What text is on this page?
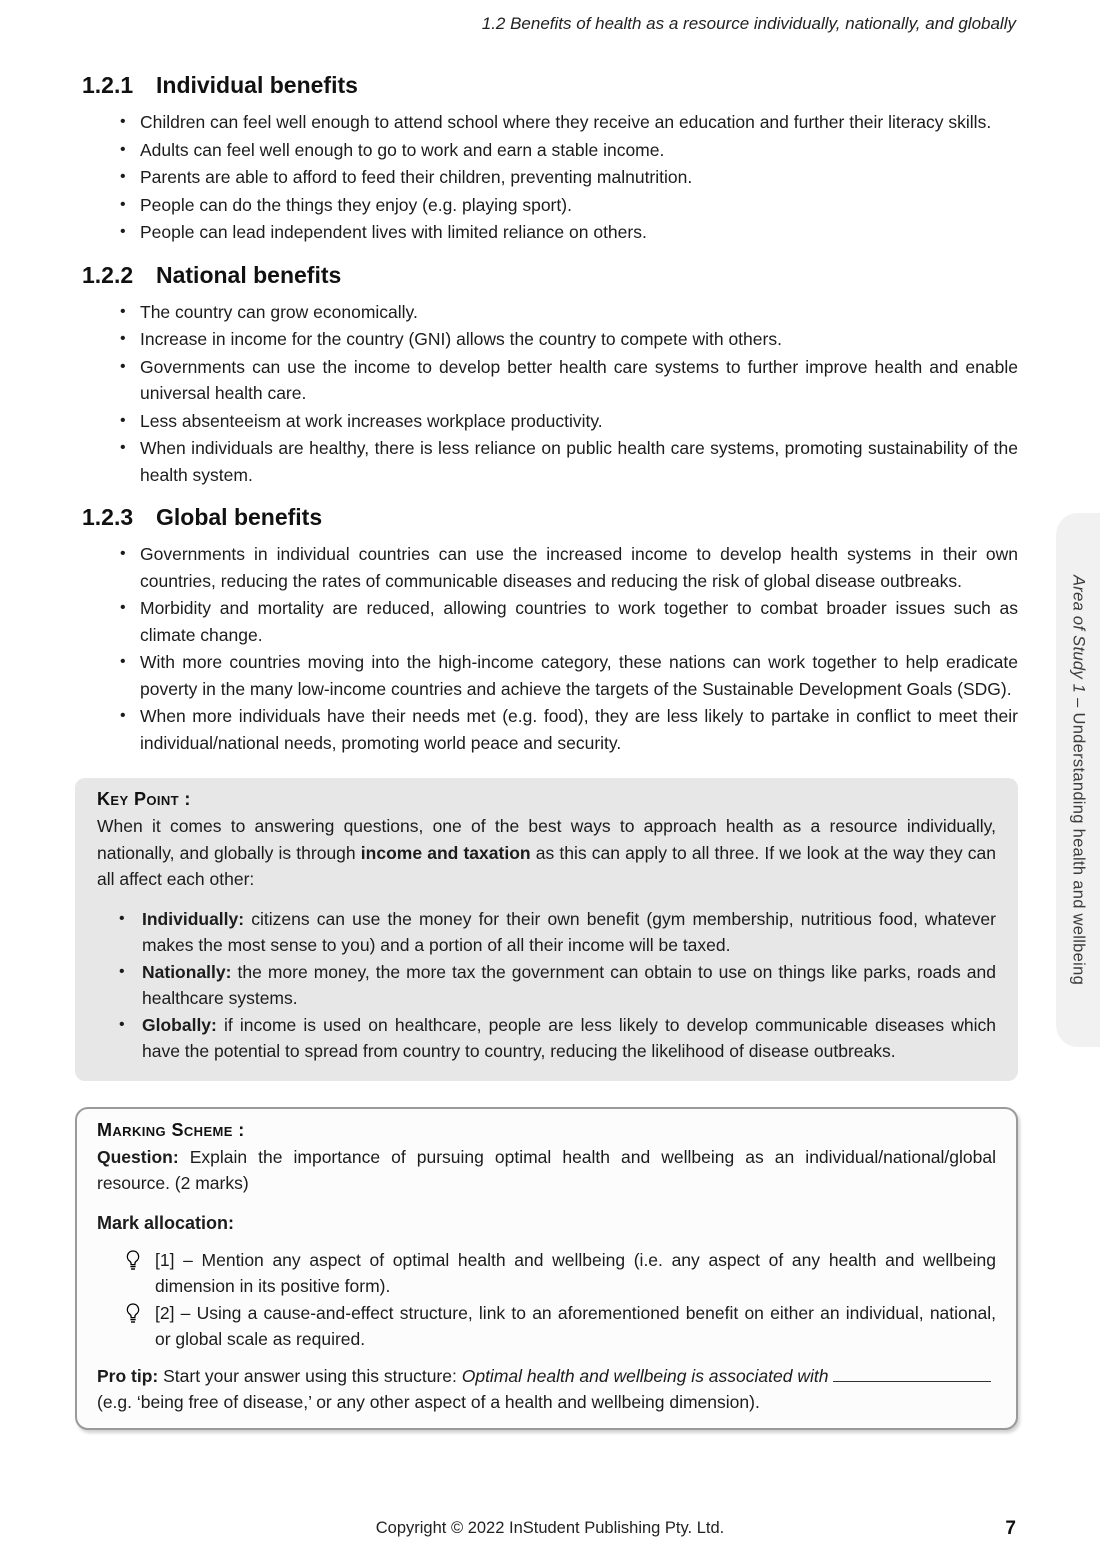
1.2 Benefits of health as a resource individually, nationally, and globally
1.2.1 Individual benefits
• Children can feel well enough to attend school where they receive an education and further their literacy skills.
• Adults can feel well enough to go to work and earn a stable income.
• Parents are able to afford to feed their children, preventing malnutrition.
• People can do the things they enjoy (e.g. playing sport).
• People can lead independent lives with limited reliance on others.
1.2.2 National benefits
• The country can grow economically.
• Increase in income for the country (GNI) allows the country to compete with others.
• Governments can use the income to develop better health care systems to further improve health and enable universal health care.
• Less absenteeism at work increases workplace productivity.
• When individuals are healthy, there is less reliance on public health care systems, promoting sustainability of the health system.
1.2.3 Global benefits
• Governments in individual countries can use the increased income to develop health systems in their own countries, reducing the rates of communicable diseases and reducing the risk of global disease outbreaks.
• Morbidity and mortality are reduced, allowing countries to work together to combat broader issues such as climate change.
• With more countries moving into the high-income category, these nations can work together to help eradicate poverty in the many low-income countries and achieve the targets of the Sustainable Development Goals (SDG).
• When more individuals have their needs met (e.g. food), they are less likely to partake in conflict to meet their individual/national needs, promoting world peace and security.
Key Point :

When it comes to answering questions, one of the best ways to approach health as a resource individually, nationally, and globally is through income and taxation as this can apply to all three. If we look at the way they can all affect each other:

• Individually: citizens can use the money for their own benefit (gym membership, nutritious food, whatever makes the most sense to you) and a portion of all their income will be taxed.
• Nationally: the more money, the more tax the government can obtain to use on things like parks, roads and healthcare systems.
• Globally: if income is used on healthcare, people are less likely to develop communicable diseases which have the potential to spread from country to country, reducing the likelihood of disease outbreaks.
Marking Scheme :

Question: Explain the importance of pursuing optimal health and wellbeing as an individual/national/global resource. (2 marks)

Mark allocation:

[1] – Mention any aspect of optimal health and wellbeing (i.e. any aspect of any health and wellbeing dimension in its positive form).
[2] – Using a cause-and-effect structure, link to an aforementioned benefit on either an individual, national, or global scale as required.

Pro tip: Start your answer using this structure: Optimal health and wellbeing is associated with
(e.g. ‘being free of disease,’ or any other aspect of a health and wellbeing dimension).

Area of Study 1 – Understanding health and wellbeing
Copyright © 2022 InStudent Publishing Pty. Ltd.	7
